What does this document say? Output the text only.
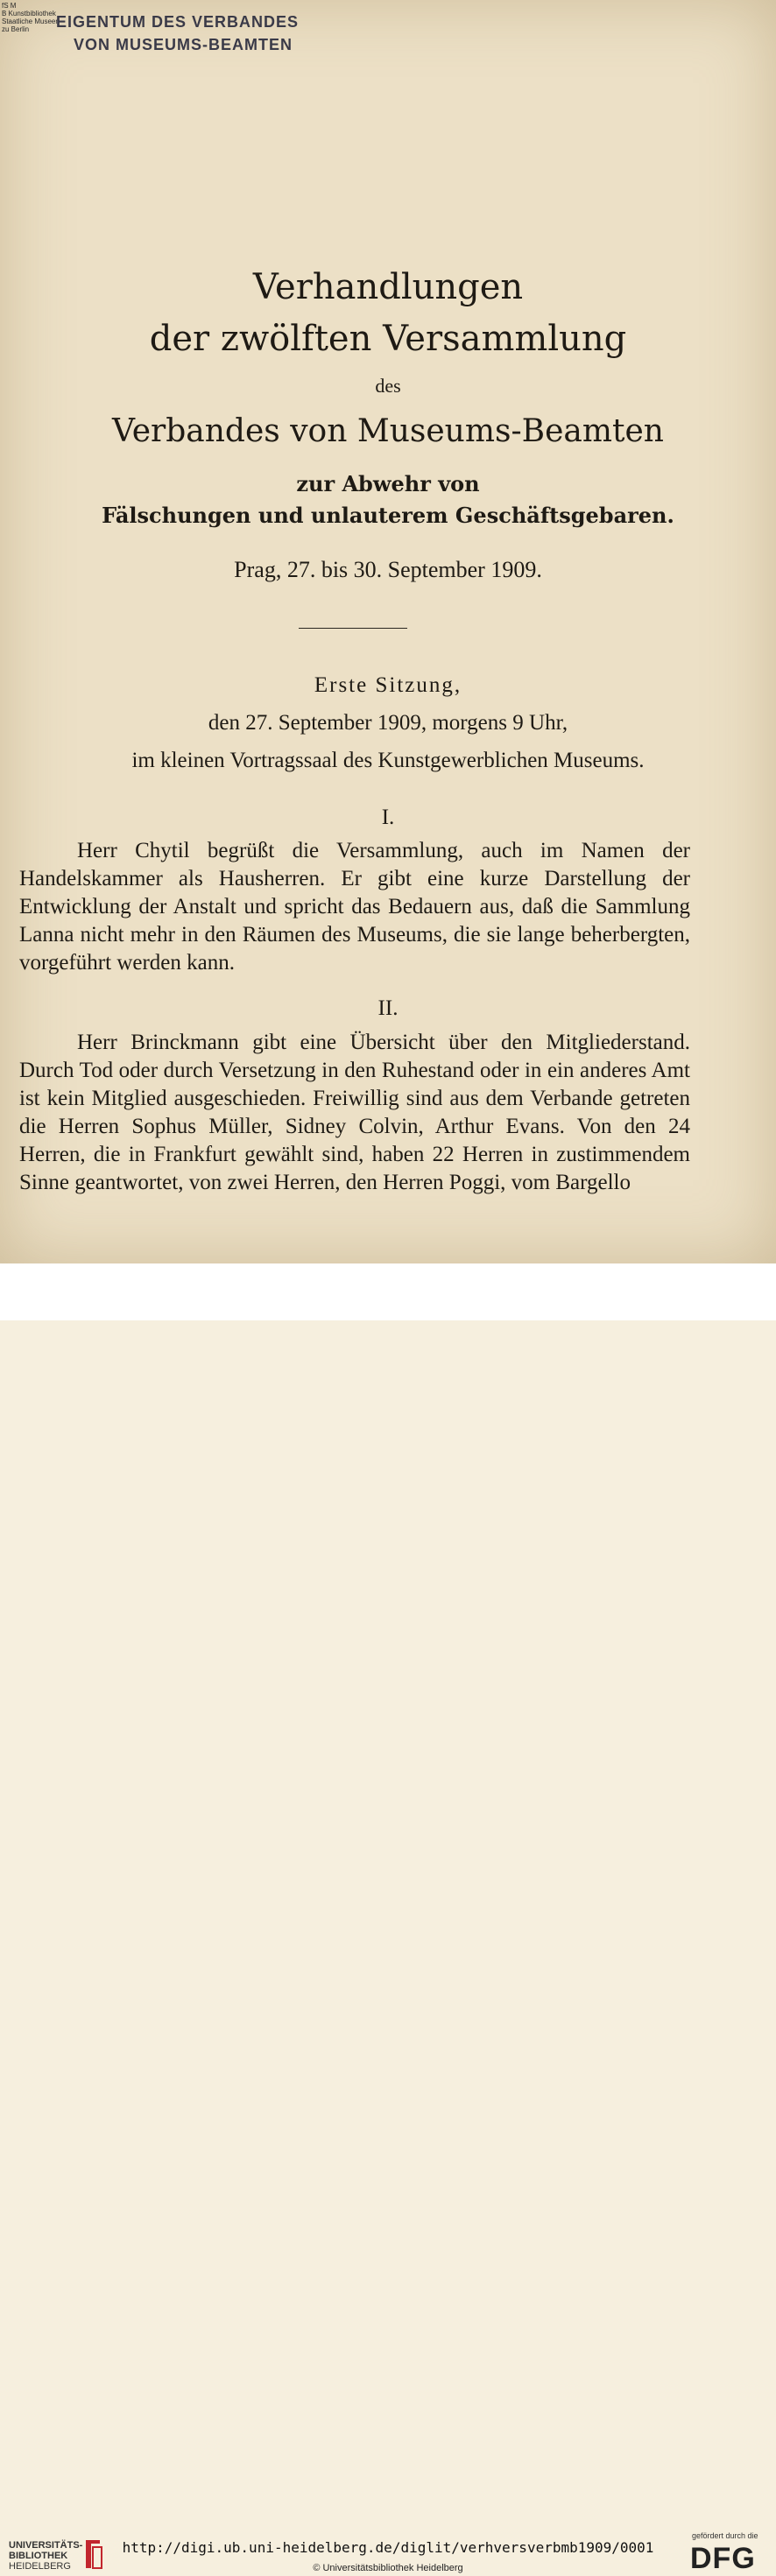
fS M
B Kunstbibliothek
Staatliche Museen
zu Berlin	EIGENTUM DES VERBANDES
VON MUSEUMS-BEAMTEN
Verhandlungen
der zwölften Versammlung
des
Verbandes von Museums-Beamten
zur Abwehr von
Fälschungen und unlauterem Geschäftsgebaren.
Prag, 27. bis 30. September 1909.
Erste Sitzung,
den 27. September 1909, morgens 9 Uhr,
im kleinen Vortragssaal des Kunstgewerblichen Museums.
I.
Herr Chytil begrüßt die Versammlung, auch im Namen der Handelskammer als Hausherren. Er gibt eine kurze Darstellung der Entwicklung der Anstalt und spricht das Bedauern aus, daß die Sammlung Lanna nicht mehr in den Räumen des Museums, die sie lange beherbergten, vorgeführt werden kann.
II.
Herr Brinckmann gibt eine Übersicht über den Mitgliederstand. Durch Tod oder durch Versetzung in den Ruhestand oder in ein anderes Amt ist kein Mitglied ausgeschieden. Freiwillig sind aus dem Verbande getreten die Herren Sophus Müller, Sidney Colvin, Arthur Evans. Von den 24 Herren, die in Frankfurt gewählt sind, haben 22 Herren in zustimmendem Sinne geantwortet, von zwei Herren, den Herren Poggi, vom Bargello
UNIVERSITÄTS-
BIBLIOTHEK
HEIDELBERG
http://digi.ub.uni-heidelberg.de/diglit/verhversverbmb1909/0001
© Universitätsbibliothek Heidelberg
gefördert durch die
DFG
